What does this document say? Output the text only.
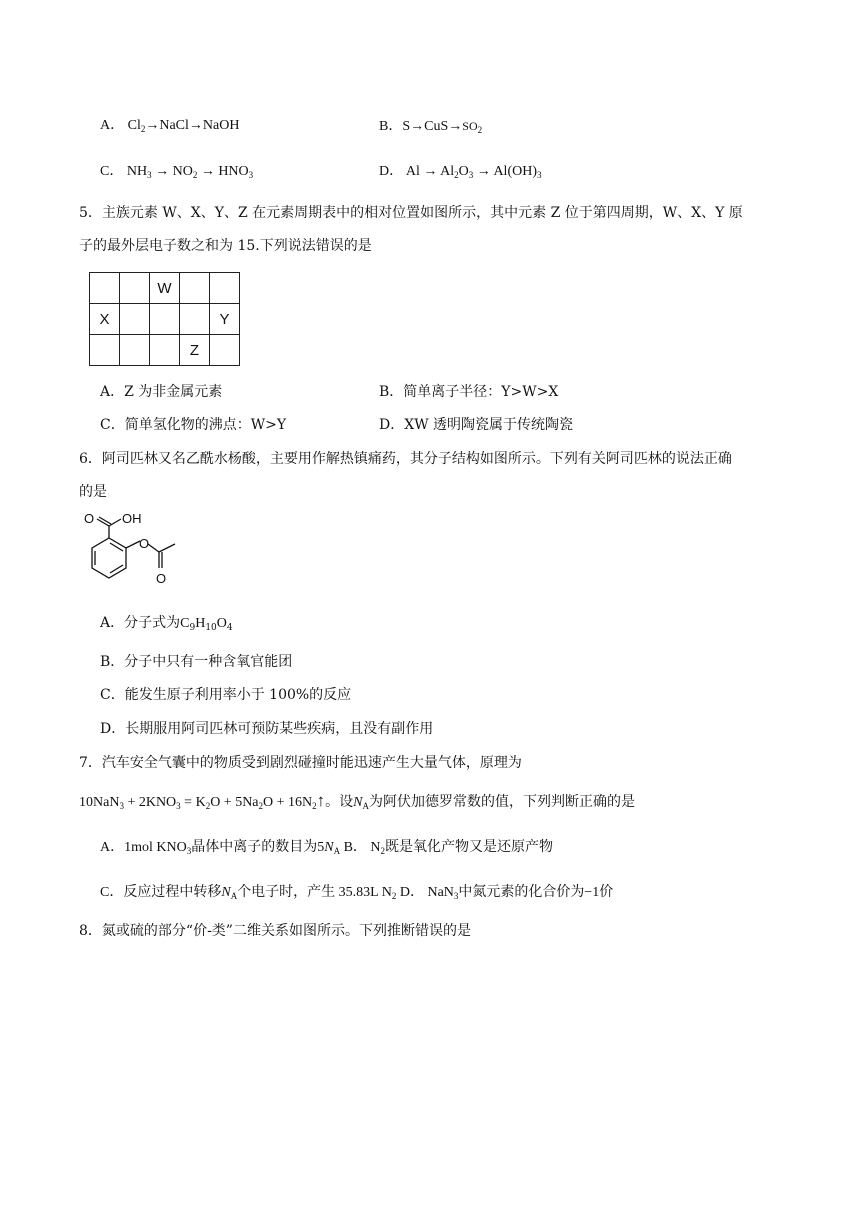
A． $Cl_2\to NaCl\to NaOH$	B．$S\to CuS\to SO_2$
C． $NH_3 \to NO_2 \to HNO_3$	D． $Al \to Al_2O_3 \to Al(OH)_3$
5．主族元素 W、X、Y、Z 在元素周期表中的相对位置如图所示，其中元素 Z 位于第四周期，W、X、Y 原
子的最外层电子数之和为 15.下列说法错误的是
		W		
X				Y
			Z	
A．Z 为非金属元素	B．简单离子半径：Y>W>X
C．简单氢化物的沸点：W>Y	D．XW 透明陶瓷属于传统陶瓷
6．阿司匹林又名乙酰水杨酸，主要用作解热镇痛药，其分子结构如图所示。下列有关阿司匹林的说法正确
的是
O OH
O
O
A．分子式为$C_9H_{10}O_4$
B．分子中只有一种含氧官能团
C．能发生原子利用率小于 100%的反应
D．长期服用阿司匹林可预防某些疾病，且没有副作用
7．汽车安全气囊中的物质受到剧烈碰撞时能迅速产生大量气体，原理为
$10NaN_3 + 2KNO_3 = K_2O + 5Na_2O$ + $16N_2↑$。设$N_A$为阿伏加德罗常数的值，下列判断正确的是
A．1mol $KNO_3$晶体中离子的数目为$5N_A$ B． $N_2$既是氧化产物又是还原产物
C．反应过程中转移$N_A$个电子时，产生 35.83L $N_2$ D． NaN$_3$中氮元素的化合价为−1价
8．氮或硫的部分“价-类”二维关系如图所示。下列推断错误的是
